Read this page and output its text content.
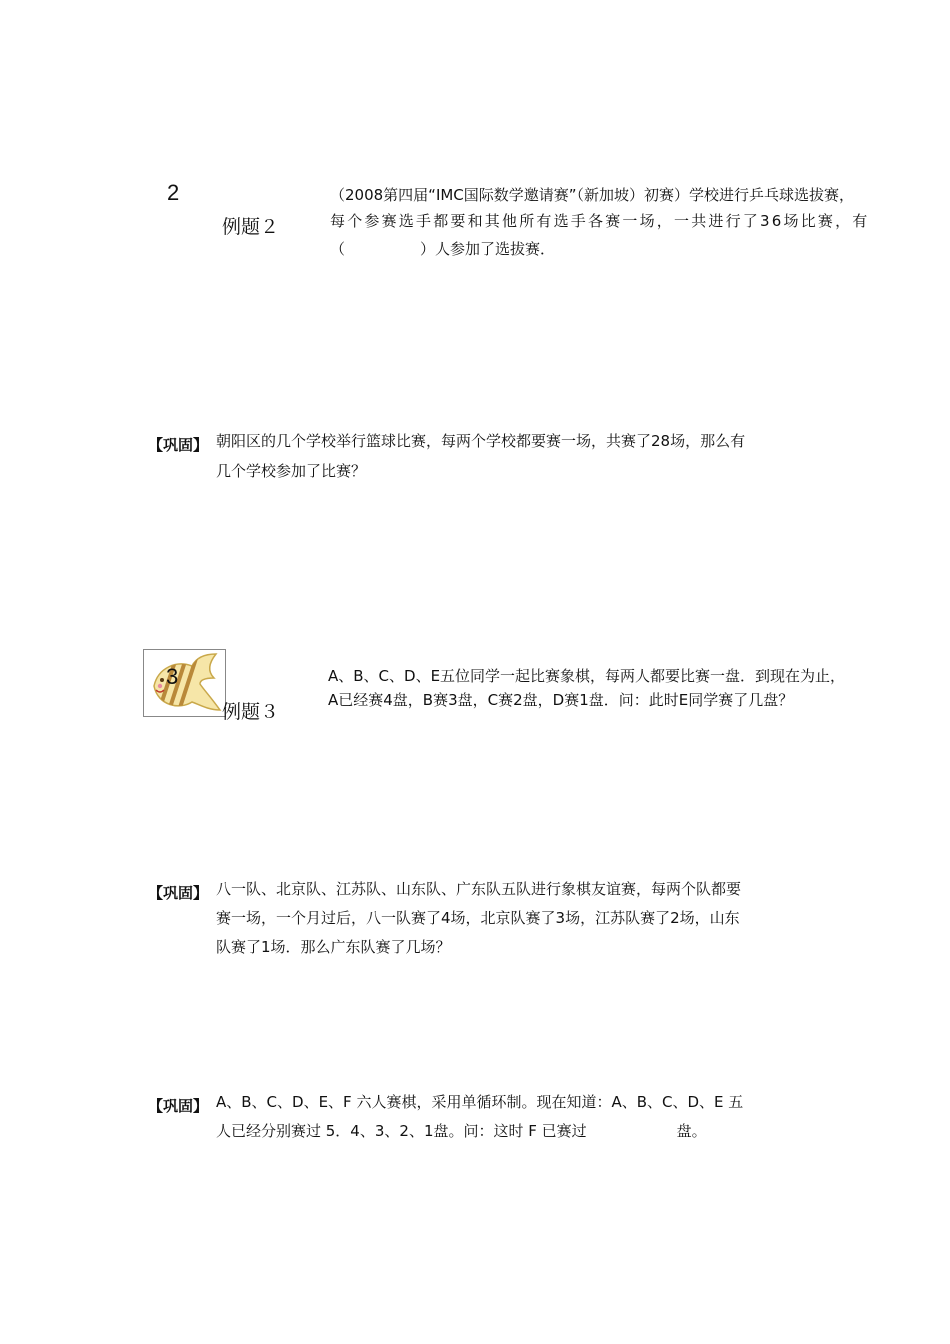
2
例题２
（2008第四届“IMC国际数学邀请赛”（新加坡）初赛）学校进行乒乓球选拔赛，
每个参赛选手都要和其他所有选手各赛一场，一共进行了36场比赛，有
（　　　　　）人参加了选拔赛．
【巩固】 朝阳区的几个学校举行篮球比赛，每两个学校都要赛一场，共赛了28场，那么有
几个学校参加了比赛？
3
例题３
A、B、C、D、E五位同学一起比赛象棋，每两人都要比赛一盘．到现在为止，
A已经赛4盘，B赛3盘，C赛2盘，D赛1盘．问：此时E同学赛了几盘？
【巩固】 八一队、北京队、江苏队、山东队、广东队五队进行象棋友谊赛，每两个队都要
赛一场，一个月过后，八一队赛了4场，北京队赛了3场，江苏队赛了2场，山东
队赛了1场．那么广东队赛了几场？
【巩固】 A、B、C、D、E、F 六人赛棋，采用单循环制。现在知道：A、B、C、D、E 五
人已经分别赛过 5．4、3、2、1盘。问：这时 F 已赛过　　　　　　盘。
